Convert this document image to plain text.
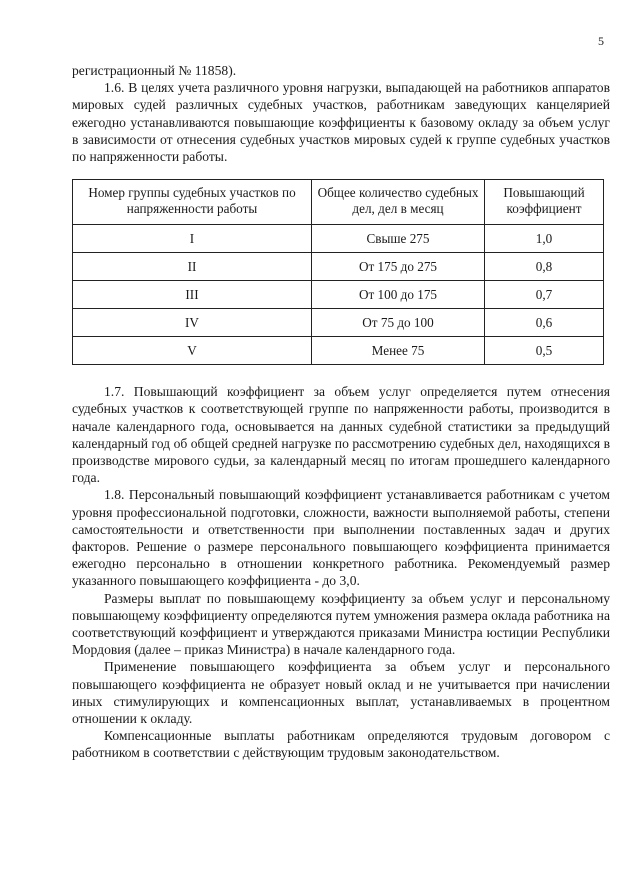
5

регистрационный № 11858).

1.6. В целях учета различного уровня нагрузки, выпадающей на работников аппаратов мировых судей различных судебных участков, работникам заведующих канцелярией ежегодно устанавливаются повышающие коэффициенты к базовому окладу за объем услуг в зависимости от отнесения судебных участков мировых судей к группе судебных участков по напряженности работы.

Номер группы судебных участков по напряженности работы	Общее количество судебных дел, дел в месяц	Повышающий коэффициент
I	Свыше 275	1,0
II	От 175 до 275	0,8
III	От 100 до 175	0,7
IV	От 75 до 100	0,6
V	Менее 75	0,5

1.7. Повышающий коэффициент за объем услуг определяется путем отнесения судебных участков к соответствующей группе по напряженности работы, производится в начале календарного года, основывается на данных судебной статистики за предыдущий календарный год об общей средней нагрузке по рассмотрению судебных дел, находящихся в производстве мирового судьи, за календарный месяц по итогам прошедшего календарного года.

1.8. Персональный повышающий коэффициент устанавливается работникам с учетом уровня профессиональной подготовки, сложности, важности выполняемой работы, степени самостоятельности и ответственности при выполнении поставленных задач и других факторов. Решение о размере персонального повышающего коэффициента принимается ежегодно персонально в отношении конкретного работника. Рекомендуемый размер указанного повышающего коэффициента - до 3,0.

Размеры выплат по повышающему коэффициенту за объем услуг и персональному повышающему коэффициенту определяются путем умножения размера оклада работника на соответствующий коэффициент и утверждаются приказами Министра юстиции Республики Мордовия (далее – приказ Министра) в начале календарного года.

Применение повышающего коэффициента за объем услуг и персонального повышающего коэффициента не образует новый оклад и не учитывается при начислении иных стимулирующих и компенсационных выплат, устанавливаемых в процентном отношении к окладу.

Компенсационные выплаты работникам определяются трудовым договором с работником в соответствии с действующим трудовым законодательством.
